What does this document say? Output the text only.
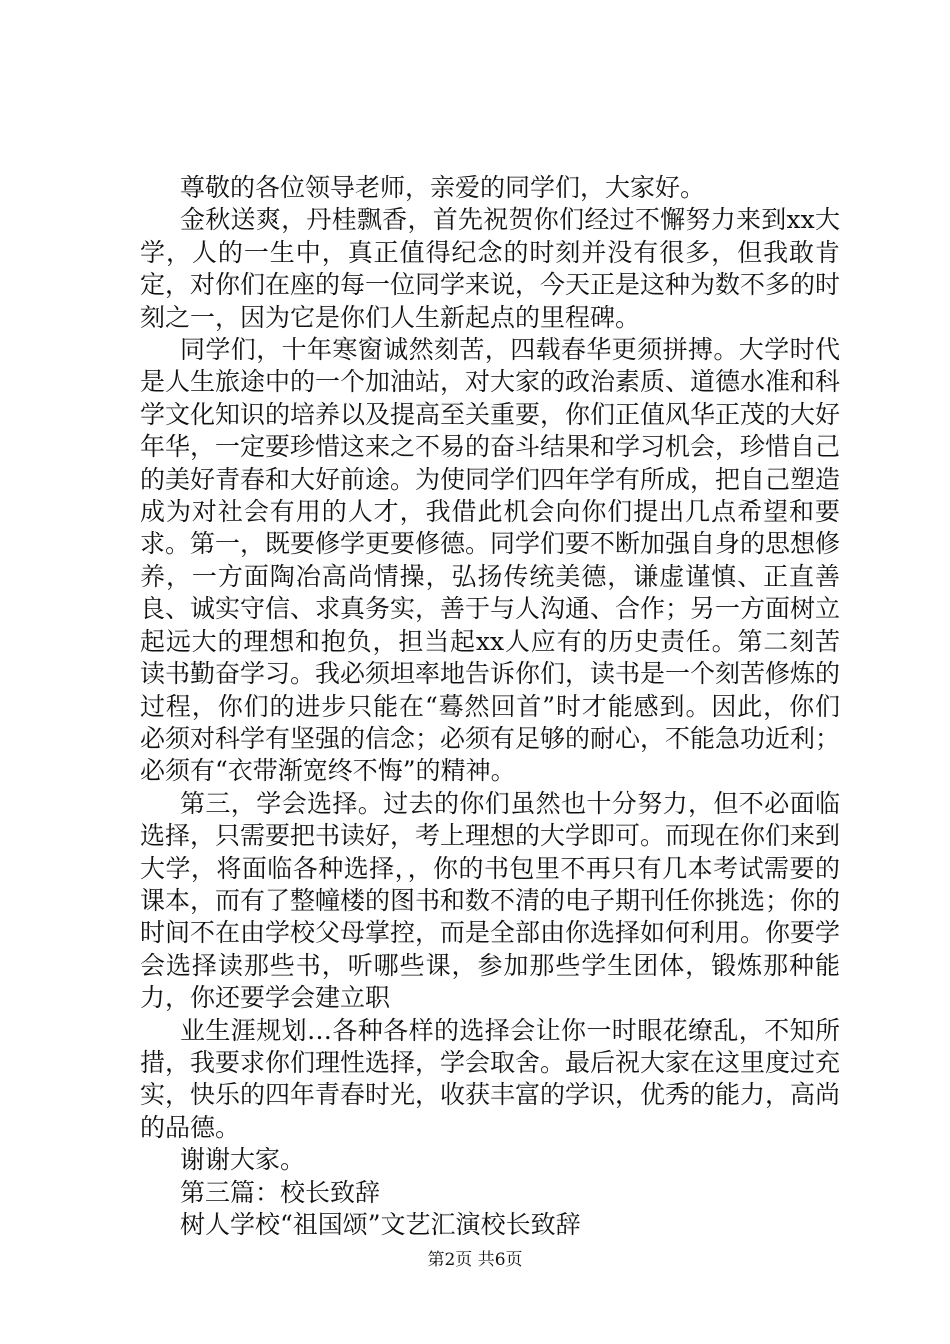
尊敬的各位领导老师，亲爱的同学们，大家好。

金秋送爽，丹桂飘香，首先祝贺你们经过不懈努力来到xx大学，人的一生中，真正值得纪念的时刻并没有很多，但我敢肯定，对你们在座的每一位同学来说，今天正是这种为数不多的时刻之一，因为它是你们人生新起点的里程碑。

同学们，十年寒窗诚然刻苦，四载春华更须拼搏。大学时代是人生旅途中的一个加油站，对大家的政治素质、道德水准和科学文化知识的培养以及提高至关重要，你们正值风华正茂的大好年华，一定要珍惜这来之不易的奋斗结果和学习机会，珍惜自己的美好青春和大好前途。为使同学们四年学有所成，把自己塑造成为对社会有用的人才，我借此机会向你们提出几点希望和要求。第一，既要修学更要修德。同学们要不断加强自身的思想修养，一方面陶冶高尚情操，弘扬传统美德，谦虚谨慎、正直善良、诚实守信、求真务实，善于与人沟通、合作；另一方面树立起远大的理想和抱负，担当起xx人应有的历史责任。第二刻苦读书勤奋学习。我必须坦率地告诉你们，读书是一个刻苦修炼的过程，你们的进步只能在“蓦然回首”时才能感到。因此，你们必须对科学有坚强的信念；必须有足够的耐心，不能急功近利；必须有“衣带渐宽终不悔”的精神。

第三，学会选择。过去的你们虽然也十分努力，但不必面临选择，只需要把书读好，考上理想的大学即可。而现在你们来到大学，将面临各种选择，，你的书包里不再只有几本考试需要的课本，而有了整幢楼的图书和数不清的电子期刊任你挑选；你的时间不在由学校父母掌控，而是全部由你选择如何利用。你要学会选择读那些书，听哪些课，参加那些学生团体，锻炼那种能力，你还要学会建立职

业生涯规划…各种各样的选择会让你一时眼花缭乱，不知所措，我要求你们理性选择，学会取舍。最后祝大家在这里度过充实，快乐的四年青春时光，收获丰富的学识，优秀的能力，高尚的品德。

谢谢大家。

第三篇：校长致辞

树人学校“祖国颂”文艺汇演校长致辞

第2页 共6页
